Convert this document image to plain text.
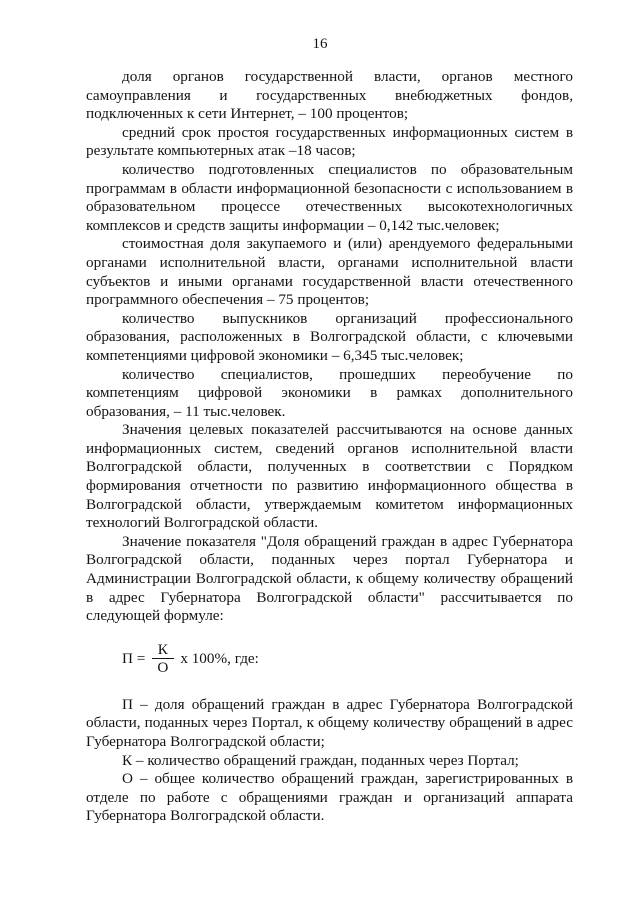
16

доля органов государственной власти, органов местного самоуправления и государственных внебюджетных фондов, подключенных к сети Интернет, – 100 процентов;

средний срок простоя государственных информационных систем в результате компьютерных атак –18 часов;

количество подготовленных специалистов по образовательным программам в области информационной безопасности с использованием в образовательном процессе отечественных высокотехнологичных комплексов и средств защиты информации – 0,142 тыс.человек;

стоимостная доля закупаемого и (или) арендуемого федеральными органами исполнительной власти, органами исполнительной власти субъектов и иными органами государственной власти отечественного программного обеспечения – 75 процентов;

количество выпускников организаций профессионального образования, расположенных в Волгоградской области, с ключевыми компетенциями цифровой экономики – 6,345 тыс.человек;

количество специалистов, прошедших переобучение по компетенциям цифровой экономики в рамках дополнительного образования, – 11 тыс.человек.

Значения целевых показателей рассчитываются на основе данных информационных систем, сведений органов исполнительной власти Волгоградской области, полученных в соответствии с Порядком формирования отчетности по развитию информационного общества в Волгоградской области, утверждаемым комитетом информационных технологий Волгоградской области.

Значение показателя "Доля обращений граждан в адрес Губернатора Волгоградской области, поданных через портал Губернатора и Администрации Волгоградской области, к общему количеству обращений в адрес Губернатора Волгоградской области" рассчитывается по следующей формуле:

$П = \frac{К}{О}$ х 100%, где:

П – доля обращений граждан в адрес Губернатора Волгоградской области, поданных через Портал, к общему количеству обращений в адрес Губернатора Волгоградской области;

К – количество обращений граждан, поданных через Портал;

О – общее количество обращений граждан, зарегистрированных в отделе по работе с обращениями граждан и организаций аппарата Губернатора Волгоградской области.
